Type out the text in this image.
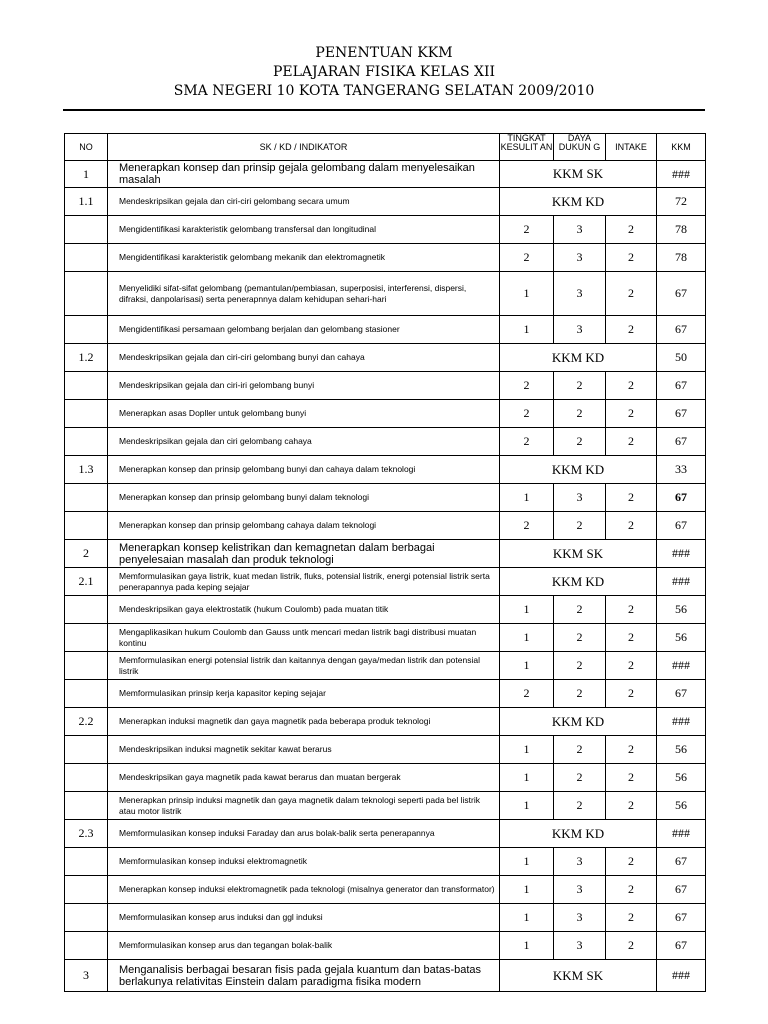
PENENTUAN KKM
PELAJARAN FISIKA KELAS XII
SMA NEGERI 10 KOTA TANGERANG SELATAN 2009/2010
NO	SK / KD / INDIKATOR	TINGKAT KESULIT AN	DAYA DUKUN G	INTAKE	KKM
1	Menerapkan konsep dan prinsip gejala gelombang dalam menyelesaikan masalah	KKM SK			###
1.1	Mendeskripsikan gejala dan ciri-ciri gelombang secara umum	KKM KD			72
	Mengidentifikasi karakteristik gelombang transfersal dan longitudinal	2	3	2	78
	Mengidentifikasi karakteristik gelombang mekanik dan elektromagnetik	2	3	2	78
	Menyelidiki sifat-sifat gelombang (pemantulan/pembiasan, superposisi, interferensi, dispersi, difraksi, danpolarisasi) serta penerapnnya dalam kehidupan sehari-hari	1	3	2	67
	Mengidentifikasi persamaan gelombang berjalan dan gelombang stasioner	1	3	2	67
1.2	Mendeskripsikan gejala dan ciri-ciri gelombang bunyi dan cahaya	KKM KD			50
	Mendeskripsikan gejala dan ciri-iri gelombang bunyi	2	2	2	67
	Menerapkan asas Dopller untuk gelombang bunyi	2	2	2	67
	Mendeskripsikan gejala dan ciri gelombang cahaya	2	2	2	67
1.3	Menerapkan konsep dan prinsip gelombang bunyi dan cahaya dalam teknologi	KKM KD			33
	Menerapkan konsep dan prinsip gelombang bunyi dalam teknologi	1	3	2	67
	Menerapkan konsep dan prinsip gelombang cahaya dalam teknologi	2	2	2	67
2	Menerapkan konsep kelistrikan dan kemagnetan dalam berbagai penyelesaian masalah dan produk teknologi	KKM SK			###
2.1	Memformulasikan gaya listrik, kuat medan listrik, fluks, potensial listrik, energi potensial listrik serta penerapannya pada keping sejajar	KKM KD			###
	Mendeskripsikan gaya elektrostatik (hukum Coulomb) pada muatan titik	1	2	2	56
	Mengaplikasikan hukum Coulomb dan Gauss untk mencari medan listrik bagi distribusi muatan kontinu	1	2	2	56
	Memformulasikan energi potensial listrik dan kaitannya dengan gaya/medan listrik dan potensial listrik	1	2	2	###
	Memformulasikan prinsip kerja kapasitor keping sejajar	2	2	2	67
2.2	Menerapkan induksi magnetik dan gaya magnetik pada beberapa produk teknologi	KKM KD			###
	Mendeskripsikan induksi magnetik sekitar kawat berarus	1	2	2	56
	Mendeskripsikan gaya magnetik pada kawat berarus dan muatan bergerak	1	2	2	56
	Menerapkan prinsip induksi magnetik dan gaya magnetik dalam teknologi seperti pada bel listrik atau motor listrik	1	2	2	56
2.3	Memformulasikan konsep induksi Faraday dan arus bolak-balik serta penerapannya	KKM KD			###
	Memformulasikan konsep induksi elektromagnetik	1	3	2	67
	Menerapkan konsep induksi elektromagnetik pada teknologi (misalnya generator dan transformator)	1	3	2	67
	Memformulasikan konsep arus induksi dan ggl induksi	1	3	2	67
	Memformulasikan konsep arus dan tegangan bolak-balik	1	3	2	67
3	Menganalisis berbagai besaran fisis pada gejala kuantum dan batas-batas berlakunya relativitas Einstein dalam paradigma fisika modern	KKM SK			###
